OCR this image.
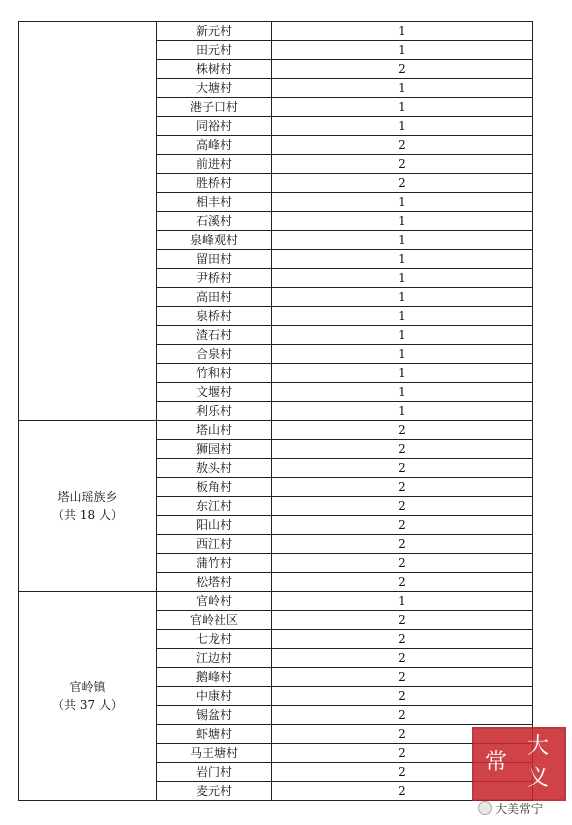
	新元村	1
	田元村	1
	株树村	2
	大塘村	1
	港子口村	1
	同裕村	1
	高峰村	2
	前进村	2
	胜桥村	2
	相丰村	1
	石溪村	1
	泉峰观村	1
	留田村	1
	尹桥村	1
	高田村	1
	泉桥村	1
	渣石村	1
	合泉村	1
	竹和村	1
	文堰村	1
	利乐村	1

塔山瑶族乡
（共 18 人）	塔山村	2
	狮园村	2
	敖头村	2
	板角村	2
	东江村	2
	阳山村	2
	西江村	2
	蒲竹村	2
	松塔村	2

官岭镇
（共 37 人）	官岭村	1
	官岭社区	2
	七龙村	2
	江边村	2
	鹅峰村	2
	中康村	2
	锡盆村	2
	虾塘村	2
	马王塘村	2
	岩门村	2
	麦元村	2
大
常
义
大美常宁
